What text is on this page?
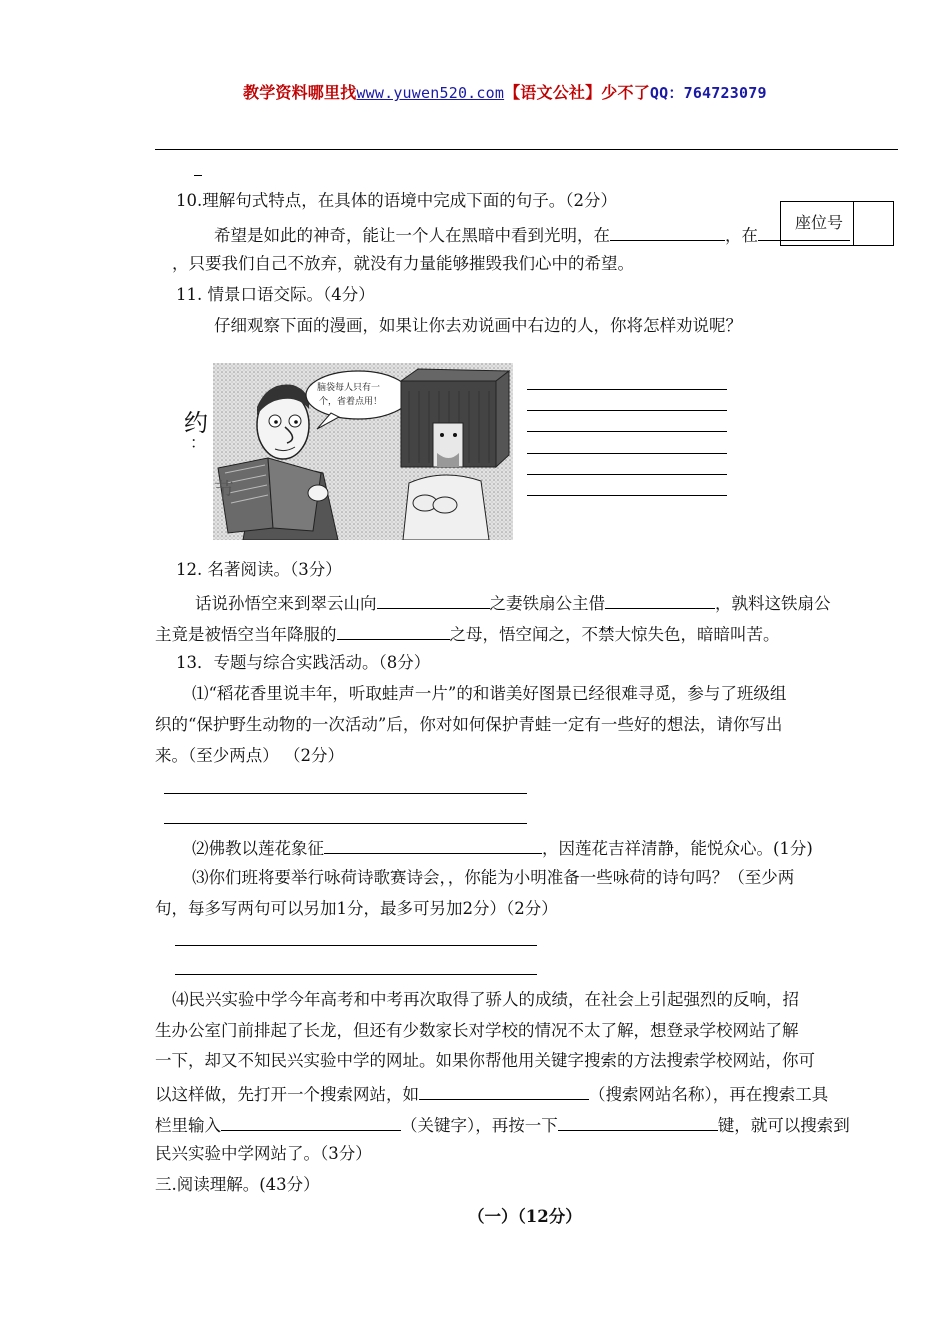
教学资料哪里找www.yuwen520.com【语文公社】少不了QQ：764723079
座位号
10.理解句式特点，在具体的语境中完成下面的句子。（2分）
希望是如此的神奇，能让一个人在黑暗中看到光明，在	，在
，只要我们自己不放弃，就没有力量能够摧毁我们心中的希望。
11. 情景口语交际。（4分）
仔细观察下面的漫画，如果让你去劝说画中右边的人，你将怎样劝说呢？
约
：
脑袋每人只有一
个，省着点用！
节
12. 名著阅读。（3分）
话说孙悟空来到翠云山向	之妻铁扇公主借	，孰料这铁扇公
主竟是被悟空当年降服的	之母，悟空闻之，不禁大惊失色，暗暗叫苦。
13．专题与综合实践活动。（8分）
⑴“稻花香里说丰年，听取蛙声一片”的和谐美好图景已经很难寻觅，参与了班级组
织的“保护野生动物的一次活动”后，你对如何保护青蛙一定有一些好的想法，请你写出
来。（至少两点） （2分）
⑵佛教以莲花象征	，因莲花吉祥清静，能悦众心。(1分)
⑶你们班将要举行咏荷诗歌赛诗会，，你能为小明准备一些咏荷的诗句吗？（至少两
句，每多写两句可以另加1分，最多可另加2分）（2分）
⑷民兴实验中学今年高考和中考再次取得了骄人的成绩，在社会上引起强烈的反响，招
生办公室门前排起了长龙，但还有少数家长对学校的情况不太了解，想登录学校网站了解
一下，却又不知民兴实验中学的网址。如果你帮他用关键字搜索的方法搜索学校网站，你可
以这样做，先打开一个搜索网站，如	（搜索网站名称），再在搜索工具
栏里输入	（关键字），再按一下	键，就可以搜索到
民兴实验中学网站了。（3分）
三.阅读理解。(43分）
（一）（12分）
